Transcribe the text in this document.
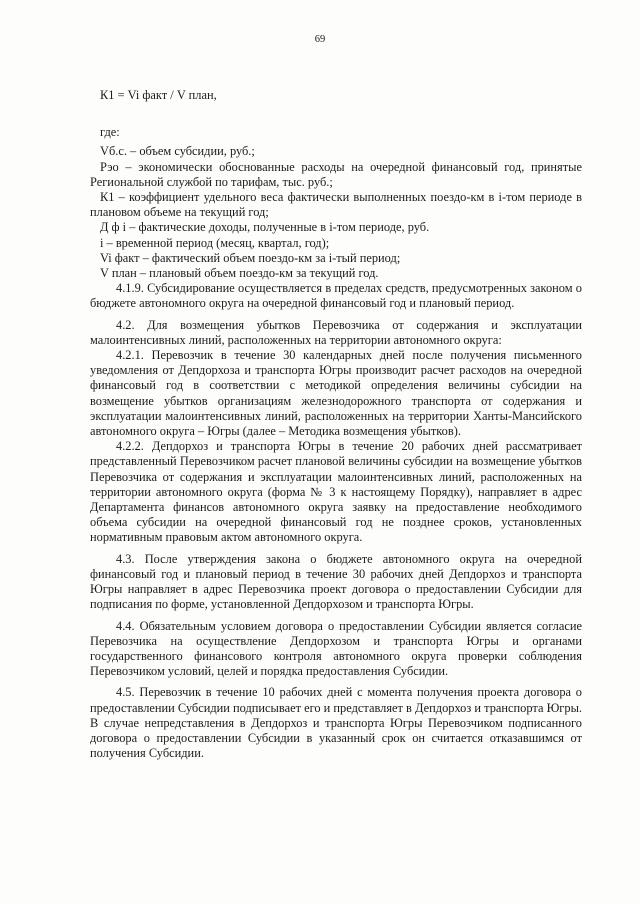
69

К1 = Vi факт / V план,

где:

Vб.с. – объем субсидии, руб.;

Рэо – экономически обоснованные расходы на очередной финансовый год, принятые Региональной службой по тарифам, тыс. руб.;

К1 – коэффициент удельного веса фактически выполненных поездо-км в i-том периоде в плановом объеме на текущий год;

Д ф i – фактические доходы, полученные в i-том периоде, руб.

i – временной период (месяц, квартал, год);

Vi факт – фактический объем поездо-км за i-тый период;

V план – плановый объем поездо-км за текущий год.

4.1.9. Субсидирование осуществляется в пределах средств, предусмотренных законом о бюджете автономного округа на очередной финансовый год и плановый период.

4.2. Для возмещения убытков Перевозчика от содержания и эксплуатации малоинтенсивных линий, расположенных на территории автономного округа:

4.2.1. Перевозчик в течение 30 календарных дней после получения письменного уведомления от Депдорхоза и транспорта Югры производит расчет расходов на очередной финансовый год в соответствии с методикой определения величины субсидии на возмещение убытков организациям железнодорожного транспорта от содержания и эксплуатации малоинтенсивных линий, расположенных на территории Ханты-Мансийского автономного округа – Югры (далее – Методика возмещения убытков).

4.2.2. Депдорхоз и транспорта Югры в течение 20 рабочих дней рассматривает представленный Перевозчиком расчет плановой величины субсидии на возмещение убытков Перевозчика от содержания и эксплуатации малоинтенсивных линий, расположенных на территории автономного округа (форма № 3 к настоящему Порядку), направляет в адрес Департамента финансов автономного округа заявку на предоставление необходимого объема субсидии на очередной финансовый год не позднее сроков, установленных нормативным правовым актом автономного округа.

4.3. После утверждения закона о бюджете автономного округа на очередной финансовый год и плановый период в течение 30 рабочих дней Депдорхоз и транспорта Югры направляет в адрес Перевозчика проект договора о предоставлении Субсидии для подписания по форме, установленной Депдорхозом и транспорта Югры.

4.4. Обязательным условием договора о предоставлении Субсидии является согласие Перевозчика на осуществление Депдорхозом и транспорта Югры и органами государственного финансового контроля автономного округа проверки соблюдения Перевозчиком условий, целей и порядка предоставления Субсидии.

4.5. Перевозчик в течение 10 рабочих дней с момента получения проекта договора о предоставлении Субсидии подписывает его и представляет в Депдорхоз и транспорта Югры. В случае непредставления в Депдорхоз и транспорта Югры Перевозчиком подписанного договора о предоставлении Субсидии в указанный срок он считается отказавшимся от получения Субсидии.
